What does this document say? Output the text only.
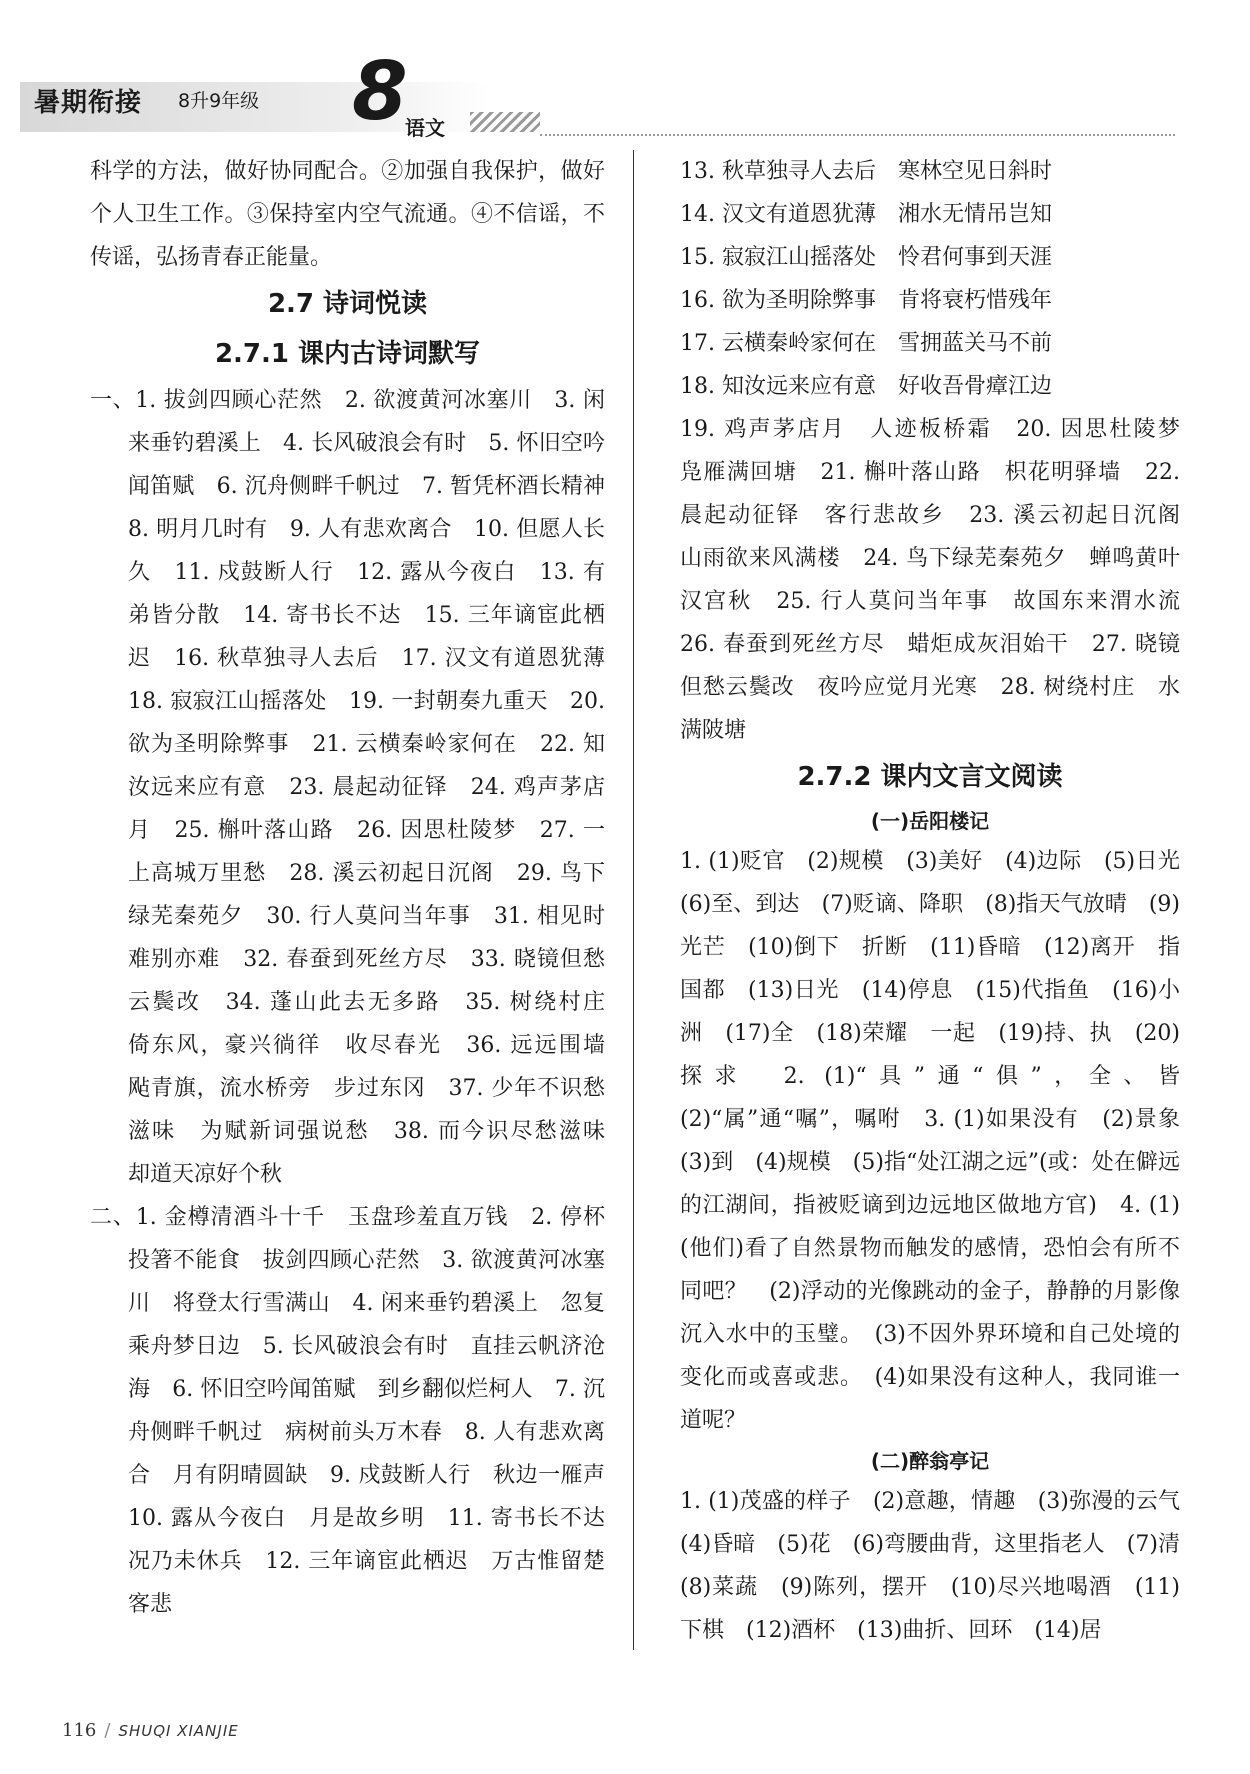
暑期衔接 8升9年级 8
语文

科学的方法，做好协同配合。②加强自我保护，做好个人卫生工作。③保持室内空气流通。④不信谣，不传谣，弘扬青春正能量。

2.7 诗词悦读
2.7.1 课内古诗词默写

一、1. 拔剑四顾心茫然　2. 欲渡黄河冰塞川　3. 闲来垂钓碧溪上　4. 长风破浪会有时　5. 怀旧空吟闻笛赋　6. 沉舟侧畔千帆过　7. 暂凭杯酒长精神　8. 明月几时有　9. 人有悲欢离合　10. 但愿人长久　11. 戍鼓断人行　12. 露从今夜白　13. 有弟皆分散　14. 寄书长不达　15. 三年谪宦此栖迟　16. 秋草独寻人去后　17. 汉文有道恩犹薄　18. 寂寂江山摇落处　19. 一封朝奏九重天　20. 欲为圣明除弊事　21. 云横秦岭家何在　22. 知汝远来应有意　23. 晨起动征铎　24. 鸡声茅店月　25. 槲叶落山路　26. 因思杜陵梦　27. 一上高城万里愁　28. 溪云初起日沉阁　29. 鸟下绿芜秦苑夕　30. 行人莫问当年事　31. 相见时难别亦难　32. 春蚕到死丝方尽　33. 晓镜但愁云鬓改　34. 蓬山此去无多路　35. 树绕村庄　倚东风，豪兴徜徉　收尽春光　36. 远远围墙　飐青旗，流水桥旁　步过东冈　37. 少年不识愁滋味　为赋新词强说愁　38. 而今识尽愁滋味　却道天凉好个秋

二、1. 金樽清酒斗十千　玉盘珍羞直万钱　2. 停杯投箸不能食　拔剑四顾心茫然　3. 欲渡黄河冰塞川　将登太行雪满山　4. 闲来垂钓碧溪上　忽复乘舟梦日边　5. 长风破浪会有时　直挂云帆济沧海　6. 怀旧空吟闻笛赋　到乡翻似烂柯人　7. 沉舟侧畔千帆过　病树前头万木春　8. 人有悲欢离合　月有阴晴圆缺　9. 戍鼓断人行　秋边一雁声　10. 露从今夜白　月是故乡明　11. 寄书长不达　况乃未休兵　12. 三年谪宦此栖迟　万古惟留楚客悲

13. 秋草独寻人去后　寒林空见日斜时

14. 汉文有道恩犹薄　湘水无情吊岂知

15. 寂寂江山摇落处　怜君何事到天涯

16. 欲为圣明除弊事　肯将衰朽惜残年

17. 云横秦岭家何在　雪拥蓝关马不前

18. 知汝远来应有意　好收吾骨瘴江边

19. 鸡声茅店月　人迹板桥霜　20. 因思杜陵梦　凫雁满回塘　21. 槲叶落山路　枳花明驿墙　22. 晨起动征铎　客行悲故乡　23. 溪云初起日沉阁　山雨欲来风满楼　24. 鸟下绿芜秦苑夕　蝉鸣黄叶汉宫秋　25. 行人莫问当年事　故国东来渭水流　26. 春蚕到死丝方尽　蜡炬成灰泪始干　27. 晓镜但愁云鬓改　夜吟应觉月光寒　28. 树绕村庄　水满陂塘

2.7.2 课内文言文阅读
(一)岳阳楼记

1. (1)贬官　(2)规模　(3)美好　(4)边际　(5)日光　(6)至、到达　(7)贬谪、降职　(8)指天气放晴　(9)光芒　(10)倒下　折断　(11)昏暗　(12)离开　指国都　(13)日光　(14)停息　(15)代指鱼　(16)小洲　(17)全　(18)荣耀　一起　(19)持、执　(20)探求　2. (1)“具”通“俱”，全、皆　(2)“属”通“嘱”，嘱咐　3. (1)如果没有　(2)景象　(3)到　(4)规模　(5)指“处江湖之远”(或：处在僻远的江湖间，指被贬谪到边远地区做地方官)　4. (1)(他们)看了自然景物而触发的感情，恐怕会有所不同吧？　(2)浮动的光像跳动的金子，静静的月影像沉入水中的玉璧。　(3)不因外界环境和自己处境的变化而或喜或悲。　(4)如果没有这种人，我同谁一道呢？

(二)醉翁亭记

1. (1)茂盛的样子　(2)意趣，情趣　(3)弥漫的云气　(4)昏暗　(5)花　(6)弯腰曲背，这里指老人　(7)清　(8)菜蔬　(9)陈列，摆开　(10)尽兴地喝酒　(11)下棋　(12)酒杯　(13)曲折、回环　(14)居

116 / SHUQI XIANJIE
